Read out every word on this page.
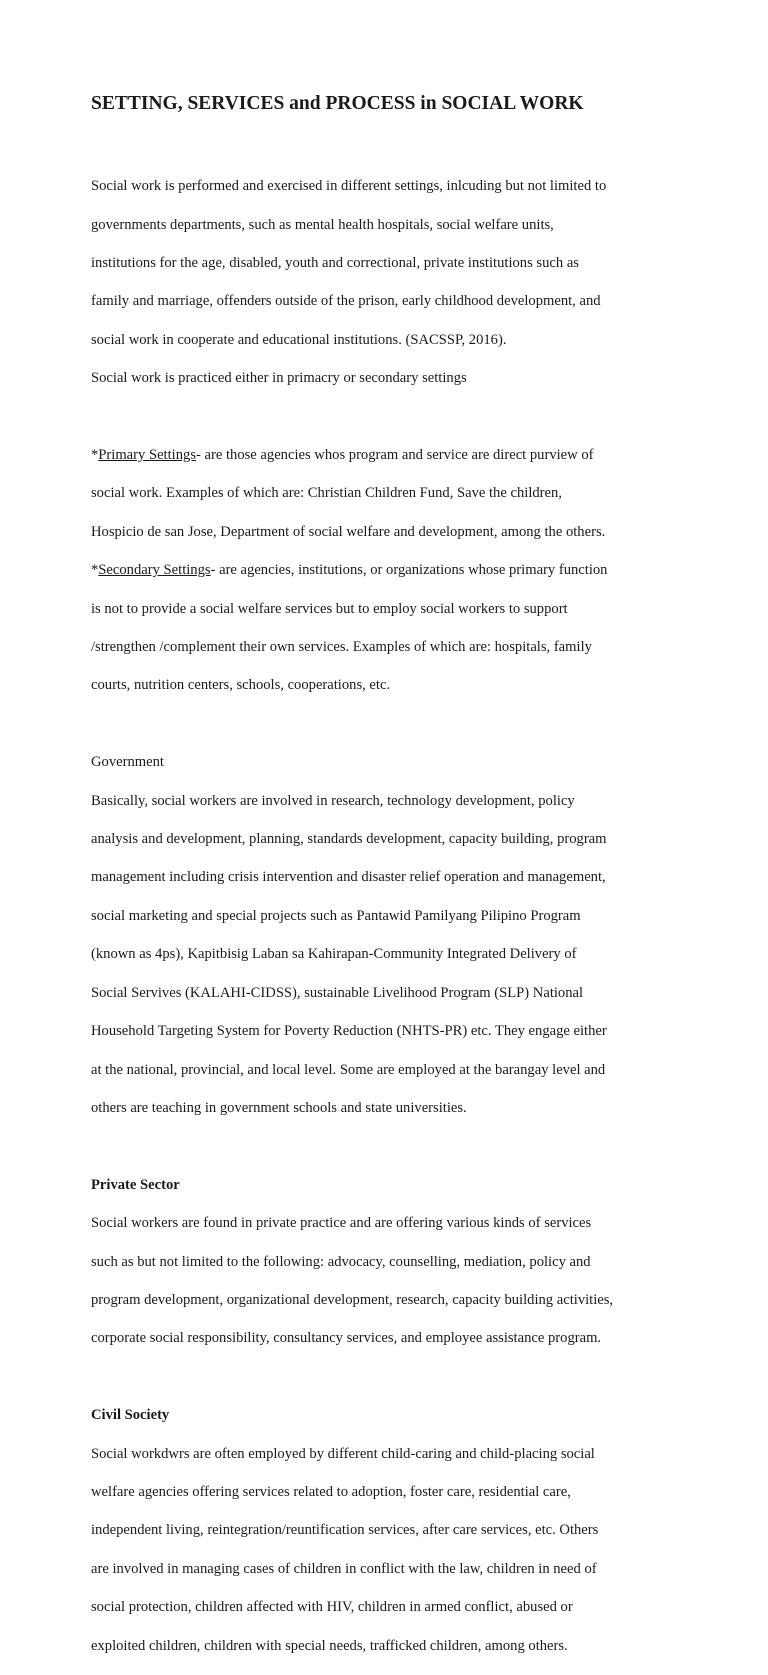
SETTING, SERVICES and PROCESS in SOCIAL WORK

Social work is performed and exercised in different settings, inlcuding but not limited to

governments departments, such as mental health hospitals, social welfare units,

institutions for the age, disabled, youth and correctional, private institutions such as

family and marriage, offenders outside of the prison, early childhood development, and

social work in cooperate and educational institutions. (SACSSP, 2016).

Social work is practiced either in primacry or secondary settings

*Primary Settings- are those agencies whos program and service are direct purview of

social work. Examples of which are: Christian Children Fund, Save the children,

Hospicio de san Jose, Department of social welfare and development, among the others.

*Secondary Settings- are agencies, institutions, or organizations whose primary function

is not to provide a social welfare services but to employ social workers to support

/strengthen /complement their own services. Examples of which are: hospitals, family

courts, nutrition centers, schools, cooperations, etc.

Government

Basically, social workers are involved in research, technology development, policy

analysis and development, planning, standards development, capacity building, program

management including crisis intervention and disaster relief operation and management,

social marketing and special projects such as Pantawid Pamilyang Pilipino Program

(known as 4ps), Kapitbisig Laban sa Kahirapan-Community Integrated Delivery of

Social Servives (KALAHI-CIDSS), sustainable Livelihood Program (SLP) National

Household Targeting System for Poverty Reduction (NHTS-PR) etc. They engage either

at the national, provincial, and local level. Some are employed at the barangay level and

others are teaching in government schools and state universities.

Private Sector

Social workers are found in private practice and are offering various kinds of services

such as but not limited to the following: advocacy, counselling, mediation, policy and

program development, organizational development, research, capacity building activities,

corporate social responsibility, consultancy services, and employee assistance program.

Civil Society

Social workdwrs are often employed by different child-caring and child-placing social

welfare agencies offering services related to adoption, foster care, residential care,

independent living, reintegration/reuntification services, after care services, etc. Others

are involved in managing cases of children in conflict with the law, children in need of

social protection, children affected with HIV, children in armed conflict, abused or

exploited children, children with special needs, trafficked children, among others.
